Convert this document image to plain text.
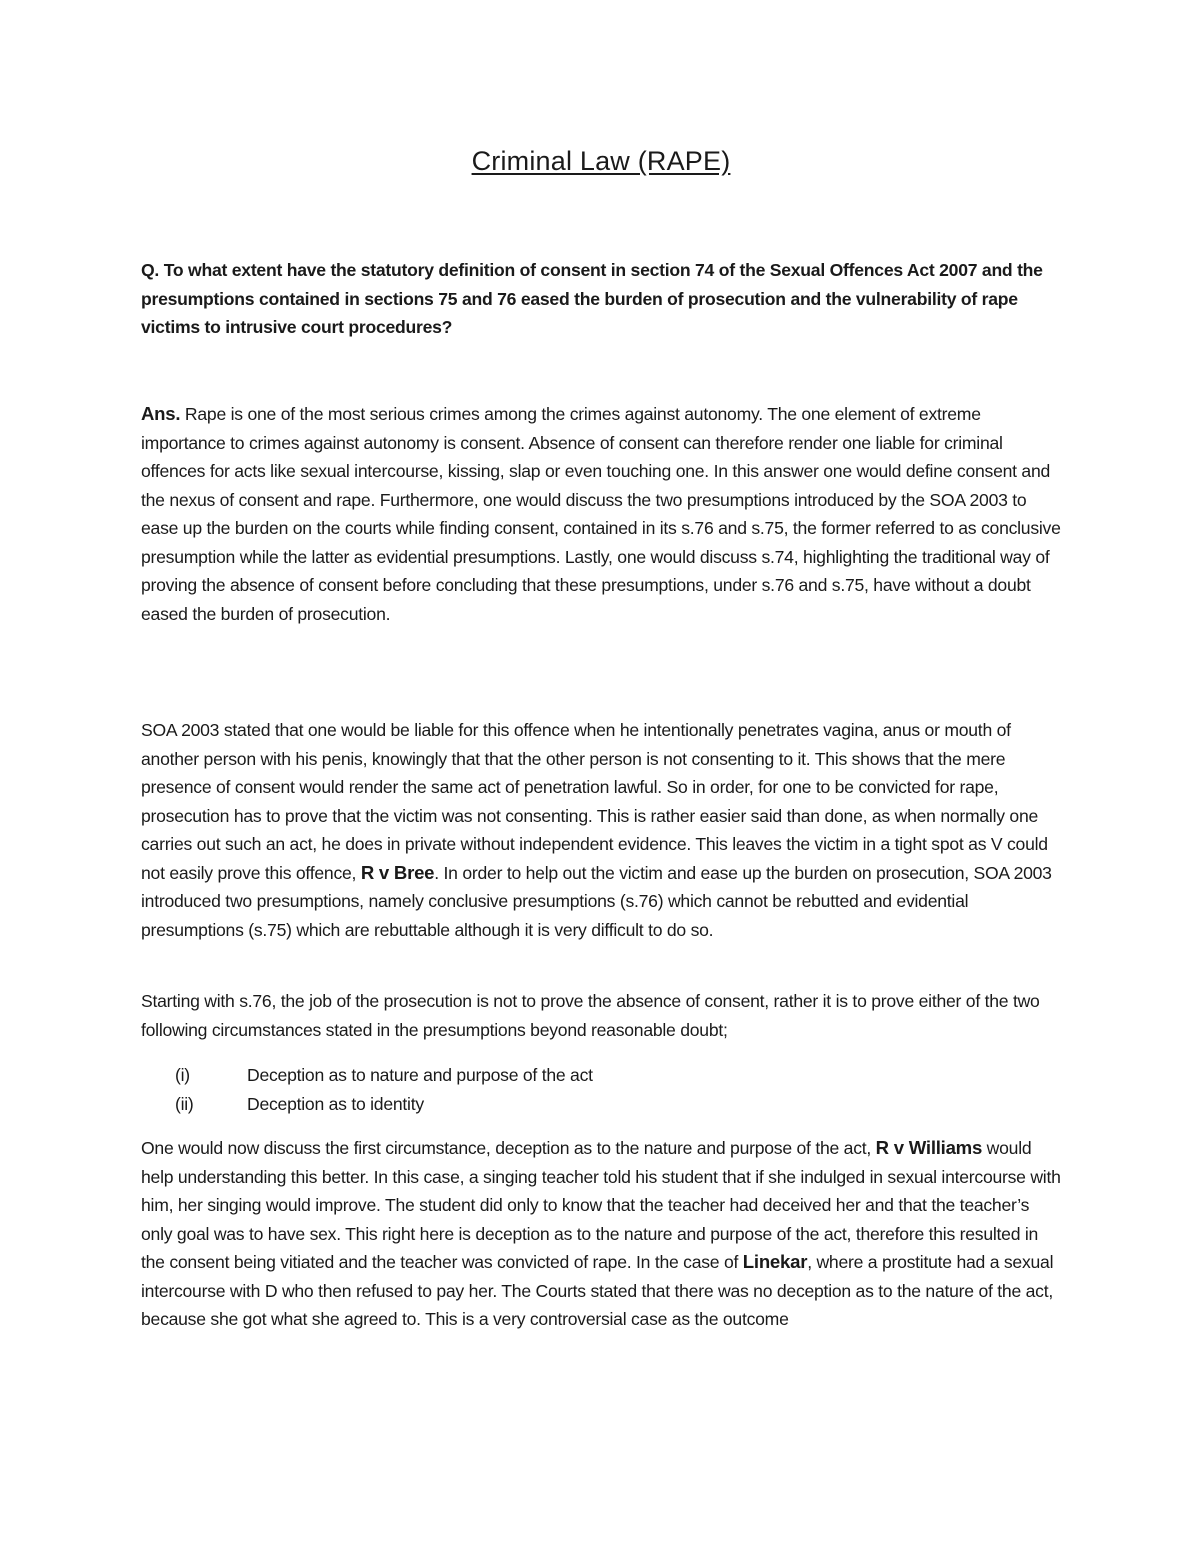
Criminal Law (RAPE)
Q. To what extent have the statutory definition of consent in section 74 of the Sexual Offences Act 2007 and the presumptions contained in sections 75 and 76 eased the burden of prosecution and the vulnerability of rape victims to intrusive court procedures?

Ans. Rape is one of the most serious crimes among the crimes against autonomy. The one element of extreme importance to crimes against autonomy is consent. Absence of consent can therefore render one liable for criminal offences for acts like sexual intercourse, kissing, slap or even touching one. In this answer one would define consent and the nexus of consent and rape. Furthermore, one would discuss the two presumptions introduced by the SOA 2003 to ease up the burden on the courts while finding consent, contained in its s.76 and s.75, the former referred to as conclusive presumption while the latter as evidential presumptions. Lastly, one would discuss s.74, highlighting the traditional way of proving the absence of consent before concluding that these presumptions, under s.76 and s.75, have without a doubt eased the burden of prosecution.

SOA 2003 stated that one would be liable for this offence when he intentionally penetrates vagina, anus or mouth of another person with his penis, knowingly that that the other person is not consenting to it. This shows that the mere presence of consent would render the same act of penetration lawful. So in order, for one to be convicted for rape, prosecution has to prove that the victim was not consenting. This is rather easier said than done, as when normally one carries out such an act, he does in private without independent evidence. This leaves the victim in a tight spot as V could not easily prove this offence, R v Bree. In order to help out the victim and ease up the burden on prosecution, SOA 2003 introduced two presumptions, namely conclusive presumptions (s.76) which cannot be rebutted and evidential presumptions (s.75) which are rebuttable although it is very difficult to do so.

Starting with s.76, the job of the prosecution is not to prove the absence of consent, rather it is to prove either of the two following circumstances stated in the presumptions beyond reasonable doubt;

(i)	Deception as to nature and purpose of the act
(ii)	Deception as to identity

One would now discuss the first circumstance, deception as to the nature and purpose of the act, R v Williams would help understanding this better. In this case, a singing teacher told his student that if she indulged in sexual intercourse with him, her singing would improve. The student did only to know that the teacher had deceived her and that the teacher’s only goal was to have sex. This right here is deception as to the nature and purpose of the act, therefore this resulted in the consent being vitiated and the teacher was convicted of rape. In the case of Linekar, where a prostitute had a sexual intercourse with D who then refused to pay her. The Courts stated that there was no deception as to the nature of the act, because she got what she agreed to. This is a very controversial case as the outcome
